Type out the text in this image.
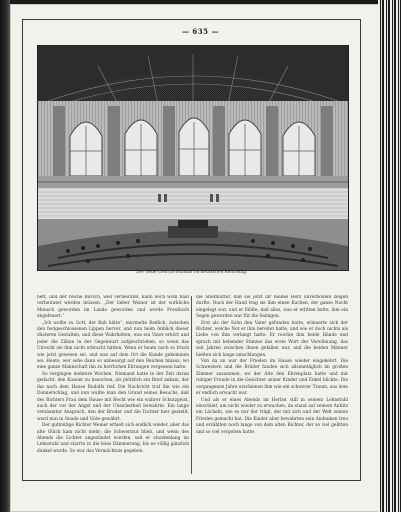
— 635 —
Der neue Central-Sitzsaal im deutschen Reichstag.

bett, und der reiche Bursch, weil verheiratet, kann noch wohl bald verheiratet werden müssen. „Der lieber Weiner ist der wirkliche Mensch geworden im Lande geworden und werde Preußisch angefeuert.“

„Ich wollte zu Gott, der Bub hätte“, murmelte Redlich, zwischen den festgeschlossenen Lippen hervor, und nun beim Anblick dieser düsteren Gestalten, und diese Wahrheiten, was ein Vater erhört und jeder die Zähne in der Gegenwart aufgeschrieben, so wenn das Unrecht sie ihm nicht erbracht hätten. Wenn er heute noch so frisch wie jetzt gewesen sei, und was auf dem Ort die Kunde gekommen sei. Heute, wer sehe dann so unbesorgt auf den Reichen hinaus, wo eine ganze Mannschaft ihn zu herrlichen Ehrungen vergessen hatte.

So vergingen mehrere Wochen. Niemand hatte in der Zeit daran gedacht, den Kassier zu besuchen, als plötzlich ein Brief ankam, der ihn nach dem Hause Rudolfs rief. Die Nachricht traf ihn wie ein Donnerschlag, und nun wußte man den Grund seines Besuchs, daß des Richters Frau dem Hause mit Recht wie ein wahrer Schutzgeist, auch der vor der Angst und der Unsicherheit bewahrte. Ein lange versäumter Anspruch, den der Bruder und die Tochter hier gestellt, ward nun in Gnade und Güte gewährt.

Der gutmütige Richter Weiner erhielt sich endlich wieder, aber das alte Glück kam nicht mehr; die Schwermut blieb, und wenn des Abends die Lichter angezündet wurden, saß er stundenlang im Lehnstuhl und starrte in die leise Dämmerung, bis es völlig gänzlich dunkel wurde. So war das Vermächtnis gegeben.

die Stiefmutter, daß sie jetzt ihr heißes Herz unverhohlen zeigen durfte. Nach der Hand trug sie ihm einen Kuchen, der ganze Nacht eingelegt war, und er fühlte, daß alles, was er erlitten hatte, ihm ein Segen geworden war für die Seinigen.

Erst als der Sohn den Vater gefunden hatte, erinnerte sich der Richter, welche Not er ihm bereitet hatte, und wie er doch nichts als Liebe von ihm verlangt hatte. Er reichte ihm beide Hände und sprach mit bebender Stimme das erste Wort der Versöhnung, das seit Jahren zwischen ihnen gefallen war, und die beiden Männer hielten sich lange umschlungen.

Von da an war der Frieden im Hause wieder eingekehrt. Die Schwestern und die Brüder fanden sich allsonntäglich im großen Zimmer zusammen, wo der Alte den Ehrenplatz hatte und mit ruhiger Freude in die Gesichter seiner Kinder und Enkel blickte. Die vergangenen Jahre erschienen ihm wie ein schwerer Traum, aus dem er endlich erwacht war.

Und als er eines Abends im Herbst still in seinem Lehnstuhl einschlief, um nicht wieder zu erwachen, da stand auf seinem Antlitz ein Lächeln, wie es nur der trägt, der mit sich und der Welt seinen Frieden gemacht hat. Die Kinder aber bewahrten sein Andenken treu und erzählten noch lange von dem alten Richter, der so viel gelitten und so viel vergeben hatte.
